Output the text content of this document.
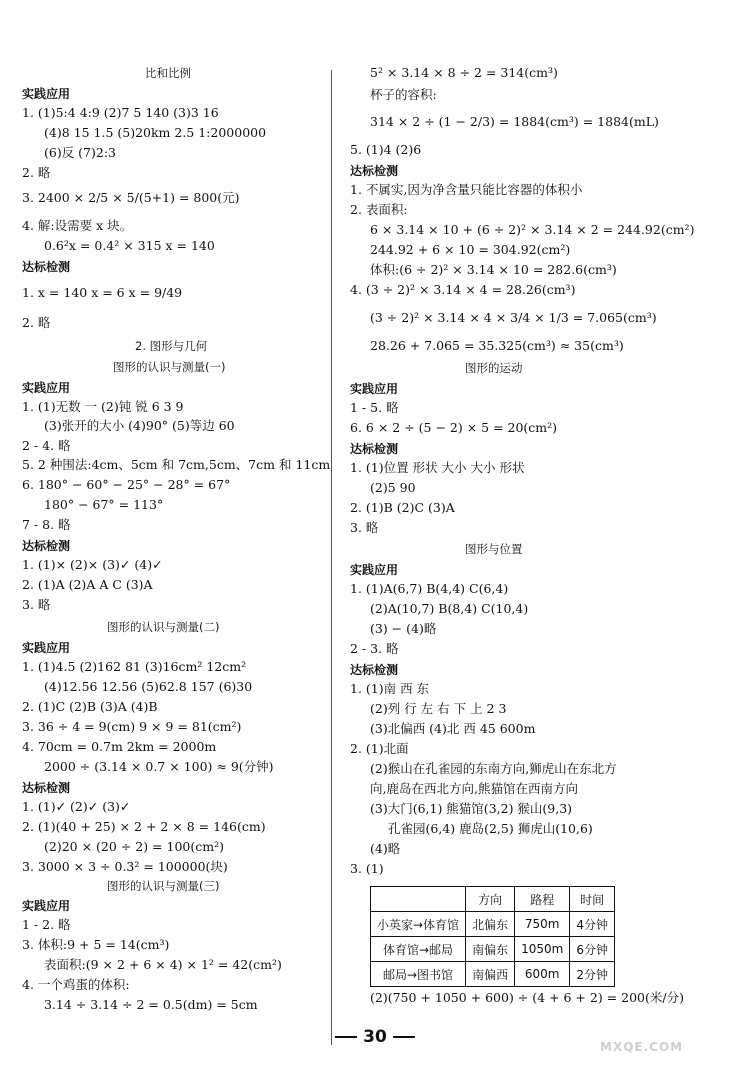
比和比例
实践应用
1. (1)5:4 4:9 (2)7 5 140 (3)3 16
(4)8 15 1.5 (5)20km 2.5 1:2000000
(6)反 (7)2:3
2. 略
3. 2400 × 2/5 × 5/(5+1) = 800(元)
4. 解:设需要 x 块。
0.6²x = 0.4² × 315 x = 140
达标检测
1. x = 140 x = 6 x = 9/49
2. 略
2. 图形与几何
图形的认识与测量(一)
实践应用
1. (1)无数 一 (2)钝 锐 6 3 9
(3)张开的大小 (4)90° (5)等边 60
2 - 4. 略
5. 2 种围法:4cm、5cm 和 7cm,5cm、7cm 和 11cm
6. 180° − 60° − 25° − 28° = 67°
180° − 67° = 113°
7 - 8. 略
达标检测
1. (1)× (2)× (3)✓ (4)✓
2. (1)A (2)A A C (3)A
3. 略
图形的认识与测量(二)
实践应用
1. (1)4.5 (2)162 81 (3)16cm² 12cm²
(4)12.56 12.56 (5)62.8 157 (6)30
2. (1)C (2)B (3)A (4)B
3. 36 ÷ 4 = 9(cm) 9 × 9 = 81(cm²)
4. 70cm = 0.7m 2km = 2000m
2000 ÷ (3.14 × 0.7 × 100) ≈ 9(分钟)
达标检测
1. (1)✓ (2)✓ (3)✓
2. (1)(40 + 25) × 2 + 2 × 8 = 146(cm)
(2)20 × (20 ÷ 2) = 100(cm²)
3. 3000 × 3 ÷ 0.3² = 100000(块)
图形的认识与测量(三)
实践应用
1 - 2. 略
3. 体积:9 + 5 = 14(cm³)
表面积:(9 × 2 + 6 × 4) × 1² = 42(cm²)
4. 一个鸡蛋的体积:
3.14 ÷ 3.14 ÷ 2 = 0.5(dm) = 5cm
5² × 3.14 × 8 ÷ 2 = 314(cm³)
杯子的容积:
314 × 2 ÷ (1 − 2/3) = 1884(cm³) = 1884(mL)
5. (1)4 (2)6
达标检测
1. 不属实,因为净含量只能比容器的体积小
2. 表面积:
6 × 3.14 × 10 + (6 ÷ 2)² × 3.14 × 2 = 244.92(cm²)
244.92 + 6 × 10 = 304.92(cm²)
体积:(6 ÷ 2)² × 3.14 × 10 = 282.6(cm³)
4. (3 ÷ 2)² × 3.14 × 4 = 28.26(cm³)
(3 ÷ 2)² × 3.14 × 4 × 3/4 × 1/3 = 7.065(cm³)
28.26 + 7.065 = 35.325(cm³) ≈ 35(cm³)
图形的运动
实践应用
1 - 5. 略
6. 6 × 2 ÷ (5 − 2) × 5 = 20(cm²)
达标检测
1. (1)位置 形状 大小 大小 形状
(2)5 90
2. (1)B (2)C (3)A
3. 略
图形与位置
实践应用
1. (1)A(6,7) B(4,4) C(6,4)
(2)A(10,7) B(8,4) C(10,4)
(3) − (4)略
2 - 3. 略
达标检测
1. (1)南 西 东
(2)列 行 左 右 下 上 2 3
(3)北偏西 (4)北 西 45 600m
2. (1)北面
(2)猴山在孔雀园的东南方向,狮虎山在东北方
向,鹿岛在西北方向,熊猫馆在西南方向
(3)大门(6,1) 熊猫馆(3,2) 猴山(9,3)
孔雀园(6,4) 鹿岛(2,5) 狮虎山(10,6)
(4)略
3. (1)
(2)(750 + 1050 + 600) ÷ (4 + 6 + 2) = 200(米/分)
	方向	路程	时间
小英家→体育馆	北偏东	750m	4分钟
体育馆→邮局	南偏东	1050m	6分钟
邮局→图书馆	南偏西	600m	2分钟
30	MXQE.COM
